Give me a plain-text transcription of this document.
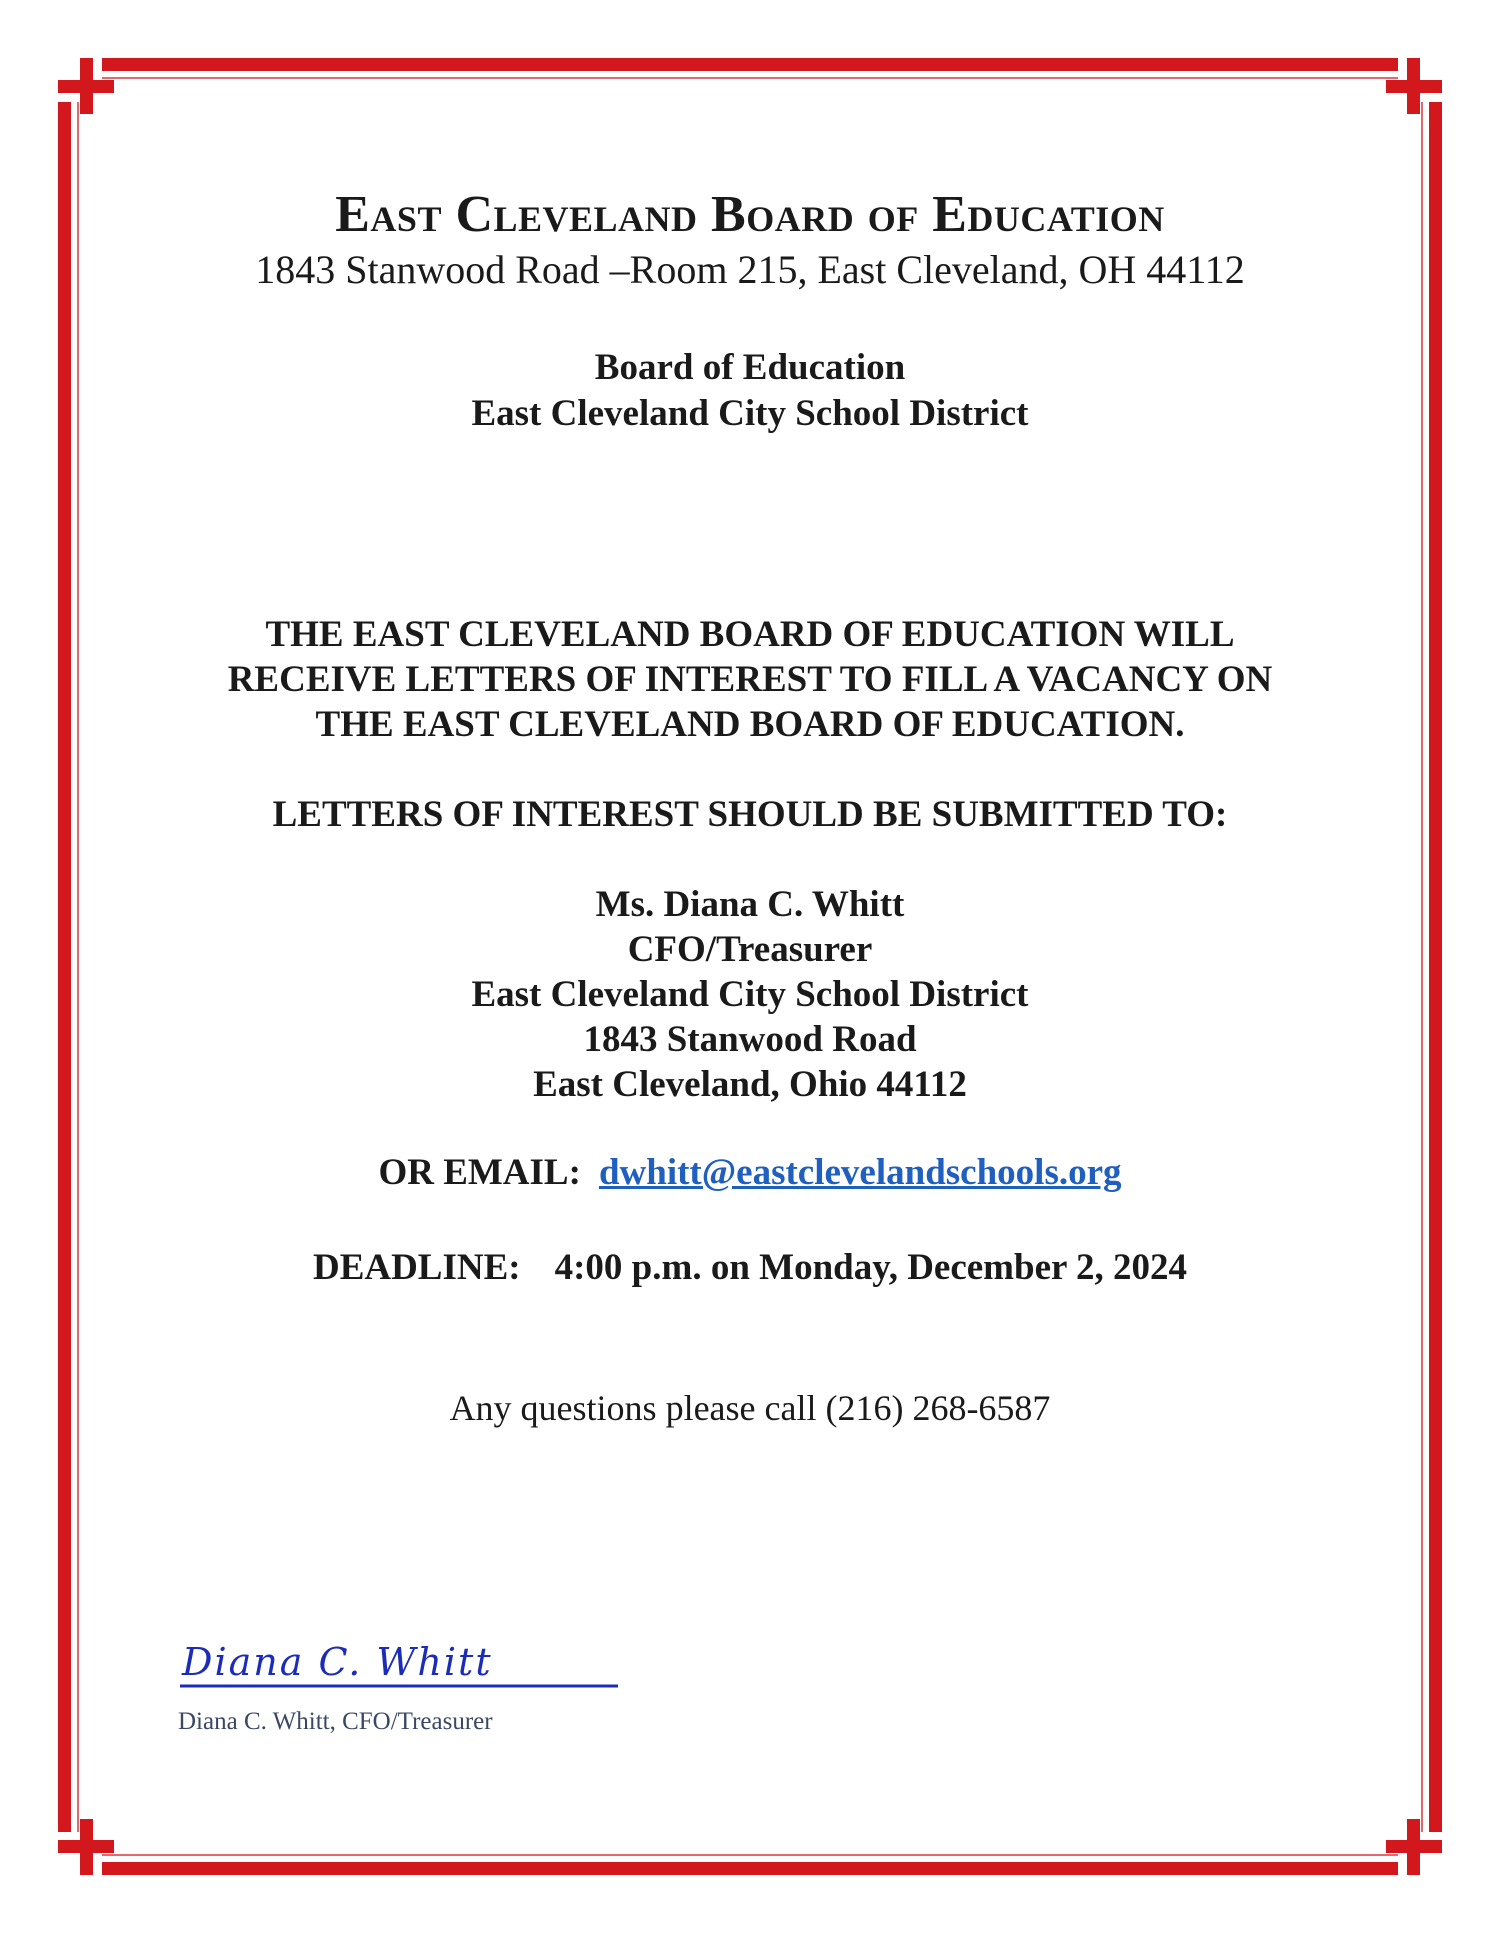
East Cleveland Board of Education
1843 Stanwood Road –Room 215, East Cleveland, OH 44112
Board of Education
East Cleveland City School District
THE EAST CLEVELAND BOARD OF EDUCATION WILL
RECEIVE LETTERS OF INTEREST TO FILL A VACANCY ON
THE EAST CLEVELAND BOARD OF EDUCATION.
LETTERS OF INTEREST SHOULD BE SUBMITTED TO:
Ms. Diana C. Whitt
CFO/Treasurer
East Cleveland City School District
1843 Stanwood Road
East Cleveland, Ohio 44112
OR EMAIL: dwhitt@eastclevelandschools.org
DEADLINE: 4:00 p.m. on Monday, December 2, 2024
Any questions please call (216) 268-6587
Diana C. Whitt
Diana C. Whitt, CFO/Treasurer
